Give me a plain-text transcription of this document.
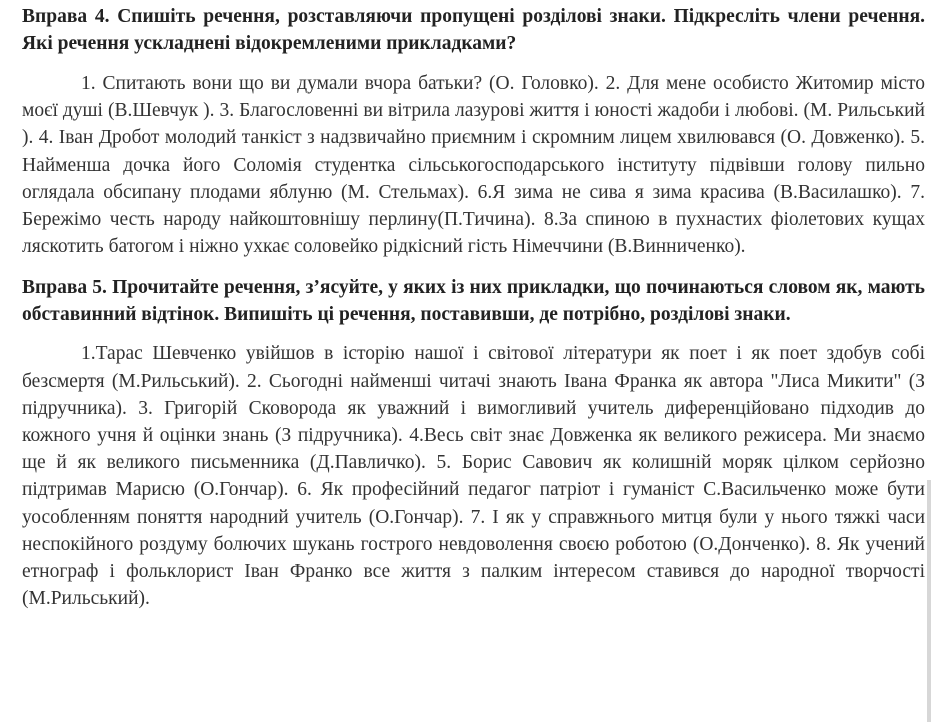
Вправа 4. Спишіть речення, розставляючи пропущені розділові знаки. Підкресліть члени речення. Які речення ускладнені відокремленими прикладками?

1. Спитають вони що ви думали вчора батьки? (О. Головко). 2. Для мене особисто Житомир місто моєї душі (В.Шевчук ). 3. Благословенні ви вітрила лазурові життя і юності жадоби і любові. (М. Рильський ). 4. Іван Дробот молодий танкіст з надзвичайно приємним і скромним лицем хвилювався (О. Довженко). 5. Найменша дочка його Соломія студентка сільськогосподарського інституту підвівши голову пильно оглядала обсипану плодами яблуню (М. Стельмах). 6.Я зима не сива я зима красива (В.Василашко). 7. Бережімо честь народу найкоштовнішу перлину(П.Тичина). 8.За спиною в пухнастих фіолетових кущах ляскотить батогом і ніжно ухкає соловейко рідкісний гість Німеччини (В.Винниченко).

Вправа 5. Прочитайте речення, з’ясуйте, у яких із них прикладки, що починаються словом як, мають обставинний відтінок. Випишіть ці речення, поставивши, де потрібно, розділові знаки.

1.Тарас Шевченко увійшов в історію нашої і світової літератури як поет і як поет здобув собі безсмертя (М.Рильський). 2. Сьогодні найменші читачі знають Івана Франка як автора "Лиса Микити" (З підручника). 3. Григорій Сковорода як уважний і вимогливий учитель диференційовано підходив до кожного учня й оцінки знань (З підручника). 4.Весь світ знає Довженка як великого режисера. Ми знаємо ще й як великого письменника (Д.Павличко). 5. Борис Савович як колишній моряк цілком серйозно підтримав Марисю (О.Гончар). 6. Як професійний педагог патріот і гуманіст С.Васильченко може бути уособленням поняття народний учитель (О.Гончар). 7. І як у справжнього митця були у нього тяжкі часи неспокійного роздуму болючих шукань гострого невдоволення своєю роботою (О.Донченко). 8. Як учений етнограф і фольклорист Іван Франко все життя з палким інтересом ставився до народної творчості (М.Рильський).
